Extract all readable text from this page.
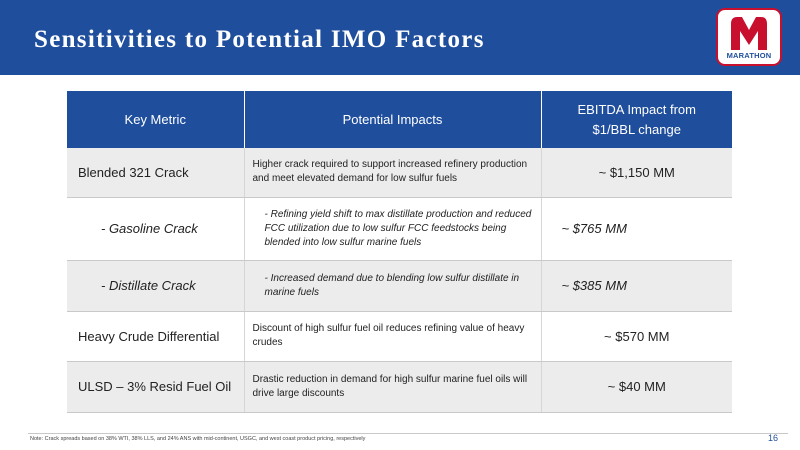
Sensitivities to Potential IMO Factors
MARATHON
Key Metric	Potential Impacts	EBITDA Impact from $1/BBL change

Blended 321 Crack	Higher crack required to support increased refinery production and meet elevated demand for low sulfur fuels	~ $1,150 MM
- Gasoline Crack	- Refining yield shift to max distillate production and reduced FCC utilization due to low sulfur FCC feedstocks being blended into low sulfur marine fuels	~ $765 MM
- Distillate Crack	- Increased demand due to blending low sulfur distillate in marine fuels	~ $385 MM
Heavy Crude Differential	Discount of high sulfur fuel oil reduces refining value of heavy crudes	~ $570 MM
ULSD – 3% Resid Fuel Oil	Drastic reduction in demand for high sulfur marine fuel oils will drive large discounts	~ $40 MM
Note: Crack spreads based on 38% WTI, 38% LLS, and 24% ANS with mid-continent, USGC, and west coast product pricing, respectively	16
